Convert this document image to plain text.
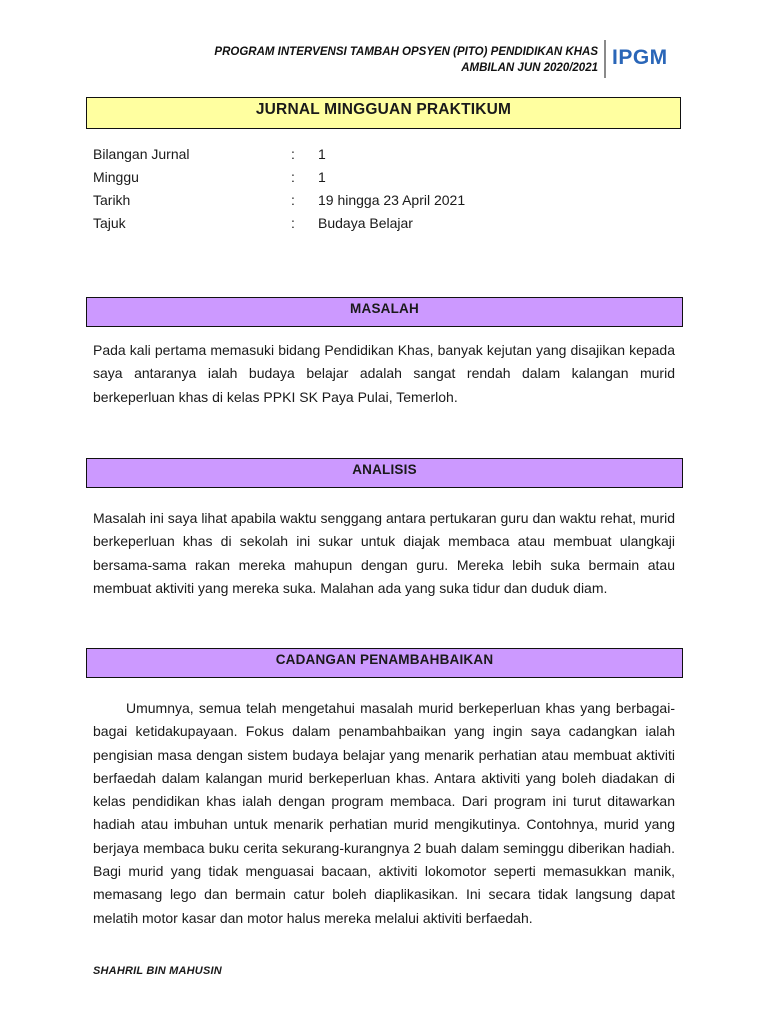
PROGRAM INTERVENSI TAMBAH OPSYEN (PITO) PENDIDIKAN KHAS
AMBILAN JUN 2020/2021 IPGM
JURNAL MINGGUAN PRAKTIKUM
Bilangan Jurnal	: 1
Minggu	: 1
Tarikh	: 19 hingga 23 April 2021
Tajuk	: Budaya Belajar
MASALAH

Pada kali pertama memasuki bidang Pendidikan Khas, banyak kejutan yang disajikan kepada saya antaranya ialah budaya belajar adalah sangat rendah dalam kalangan murid berkeperluan khas di kelas PPKI SK Paya Pulai, Temerloh.

ANALISIS

Masalah ini saya lihat apabila waktu senggang antara pertukaran guru dan waktu rehat, murid berkeperluan khas di sekolah ini sukar untuk diajak membaca atau membuat ulangkaji bersama-sama rakan mereka mahupun dengan guru. Mereka lebih suka bermain atau membuat aktiviti yang mereka suka. Malahan ada yang suka tidur dan duduk diam.

CADANGAN PENAMBAHBAIKAN

Umumnya, semua telah mengetahui masalah murid berkeperluan khas yang berbagai-bagai ketidakupayaan. Fokus dalam penambahbaikan yang ingin saya cadangkan ialah pengisian masa dengan sistem budaya belajar yang menarik perhatian atau membuat aktiviti berfaedah dalam kalangan murid berkeperluan khas. Antara aktiviti yang boleh diadakan di kelas pendidikan khas ialah dengan program membaca. Dari program ini turut ditawarkan hadiah atau imbuhan untuk menarik perhatian murid mengikutinya. Contohnya, murid yang berjaya membaca buku cerita sekurang-kurangnya 2 buah dalam seminggu diberikan hadiah. Bagi murid yang tidak menguasai bacaan, aktiviti lokomotor seperti memasukkan manik, memasang lego dan bermain catur boleh diaplikasikan. Ini secara tidak langsung dapat melatih motor kasar dan motor halus mereka melalui aktiviti berfaedah.

SHAHRIL BIN MAHUSIN
